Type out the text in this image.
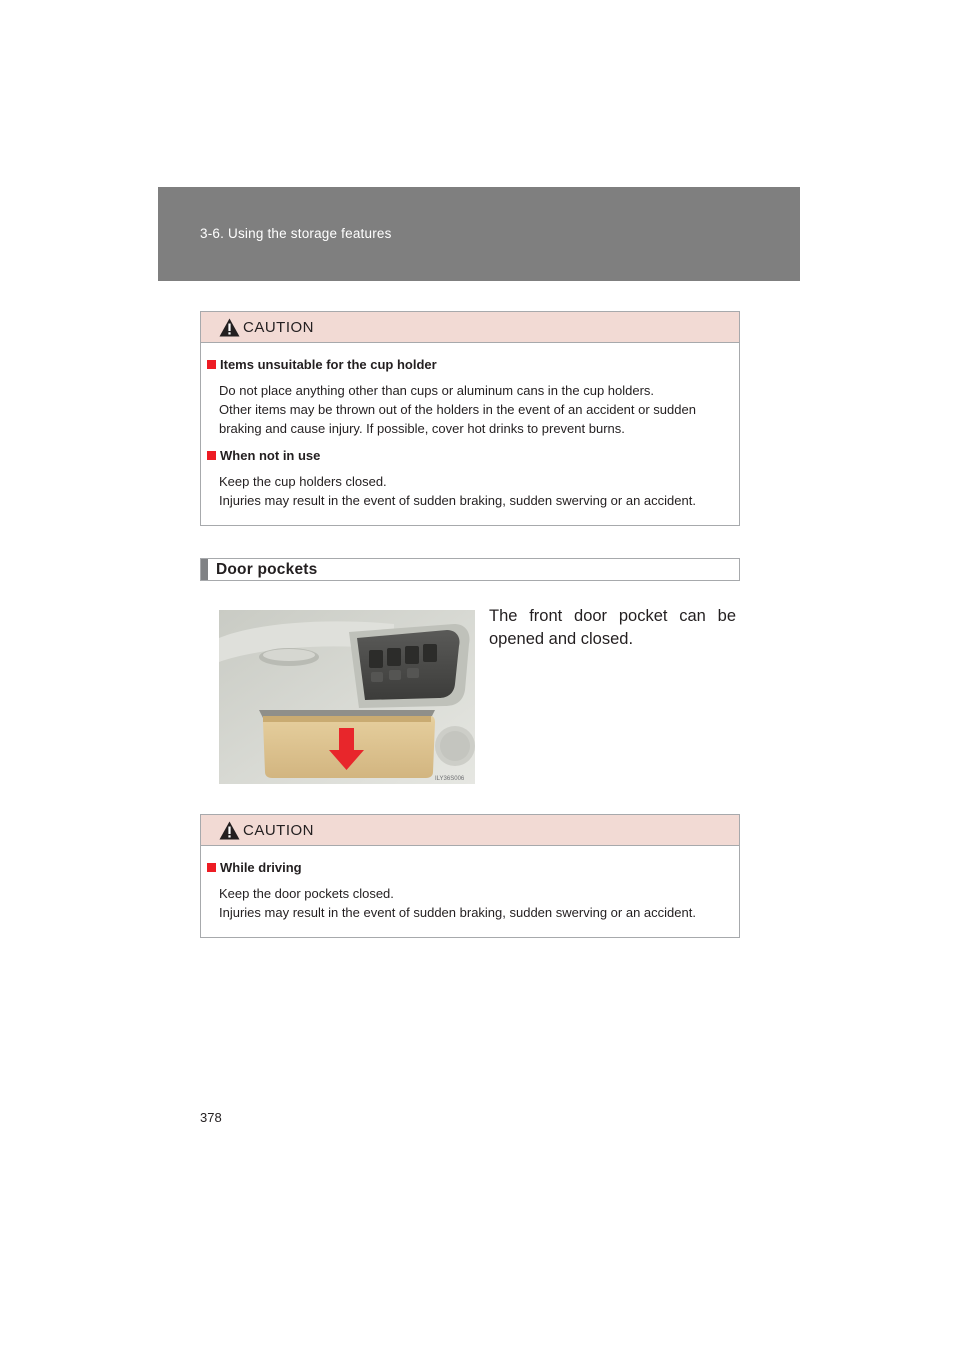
3-6. Using the storage features
CAUTION
Items unsuitable for the cup holder
Do not place anything other than cups or aluminum cans in the cup holders.
Other items may be thrown out of the holders in the event of an accident or sudden
braking and cause injury. If possible, cover hot drinks to prevent burns.
When not in use
Keep the cup holders closed.
Injuries may result in the event of sudden braking, sudden swerving or an accident.
Door pockets
ILY36S006
The front door pocket can be
opened and closed.
CAUTION
While driving
Keep the door pockets closed.
Injuries may result in the event of sudden braking, sudden swerving or an accident.
378
